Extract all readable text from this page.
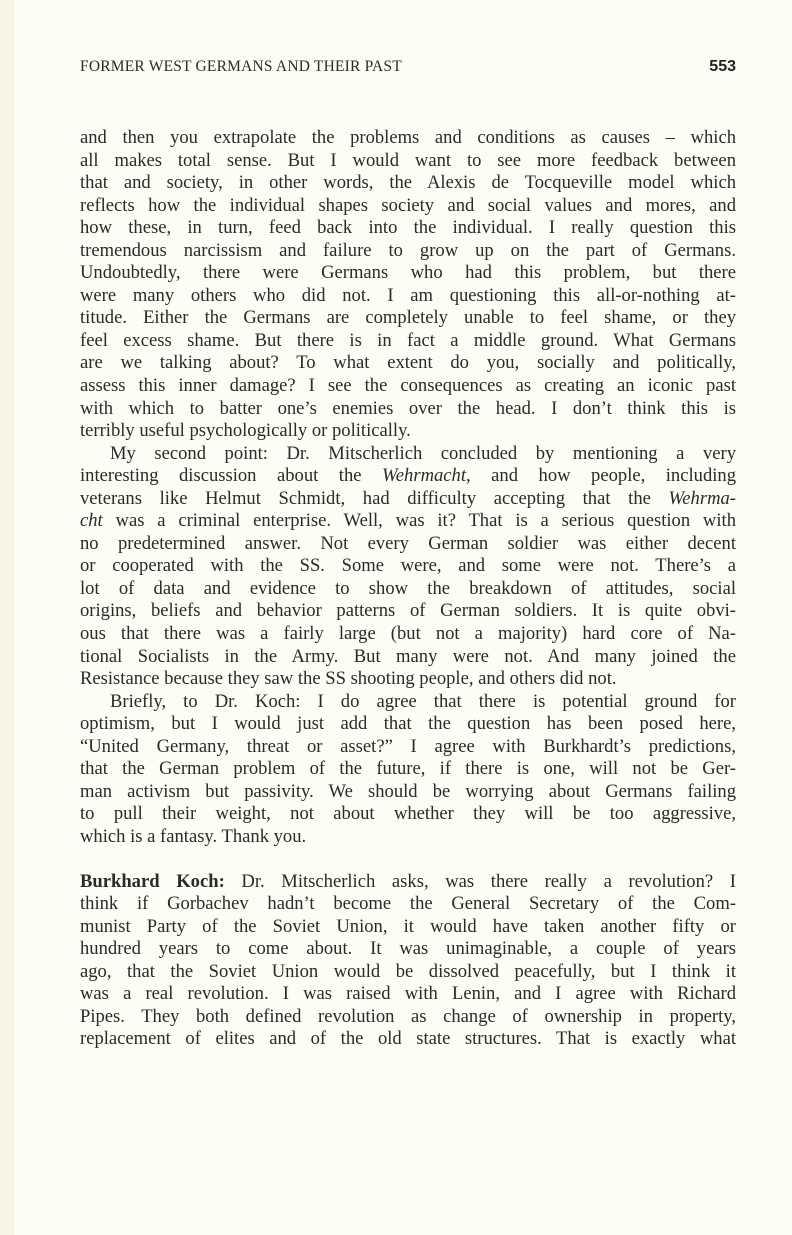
FORMER WEST GERMANS AND THEIR PAST	553

and then you extrapolate the problems and conditions as causes – which
all makes total sense. But I would want to see more feedback between
that and society, in other words, the Alexis de Tocqueville model which
reflects how the individual shapes society and social values and mores, and
how these, in turn, feed back into the individual. I really question this
tremendous narcissism and failure to grow up on the part of Germans.
Undoubtedly, there were Germans who had this problem, but there
were many others who did not. I am questioning this all-or-nothing at-
titude. Either the Germans are completely unable to feel shame, or they
feel excess shame. But there is in fact a middle ground. What Germans
are we talking about? To what extent do you, socially and politically,
assess this inner damage? I see the consequences as creating an iconic past
with which to batter one’s enemies over the head. I don’t think this is
terribly useful psychologically or politically.

My second point: Dr. Mitscherlich concluded by mentioning a very
interesting discussion about the Wehrmacht, and how people, including
veterans like Helmut Schmidt, had difficulty accepting that the Wehrma-
cht was a criminal enterprise. Well, was it? That is a serious question with
no predetermined answer. Not every German soldier was either decent
or cooperated with the SS. Some were, and some were not. There’s a
lot of data and evidence to show the breakdown of attitudes, social
origins, beliefs and behavior patterns of German soldiers. It is quite obvi-
ous that there was a fairly large (but not a majority) hard core of Na-
tional Socialists in the Army. But many were not. And many joined the
Resistance because they saw the SS shooting people, and others did not.

Briefly, to Dr. Koch: I do agree that there is potential ground for
optimism, but I would just add that the question has been posed here,
“United Germany, threat or asset?” I agree with Burkhardt’s predictions,
that the German problem of the future, if there is one, will not be Ger-
man activism but passivity. We should be worrying about Germans failing
to pull their weight, not about whether they will be too aggressive,
which is a fantasy. Thank you.

Burkhard Koch: Dr. Mitscherlich asks, was there really a revolution? I
think if Gorbachev hadn’t become the General Secretary of the Com-
munist Party of the Soviet Union, it would have taken another fifty or
hundred years to come about. It was unimaginable, a couple of years
ago, that the Soviet Union would be dissolved peacefully, but I think it
was a real revolution. I was raised with Lenin, and I agree with Richard
Pipes. They both defined revolution as change of ownership in property,
replacement of elites and of the old state structures. That is exactly what
